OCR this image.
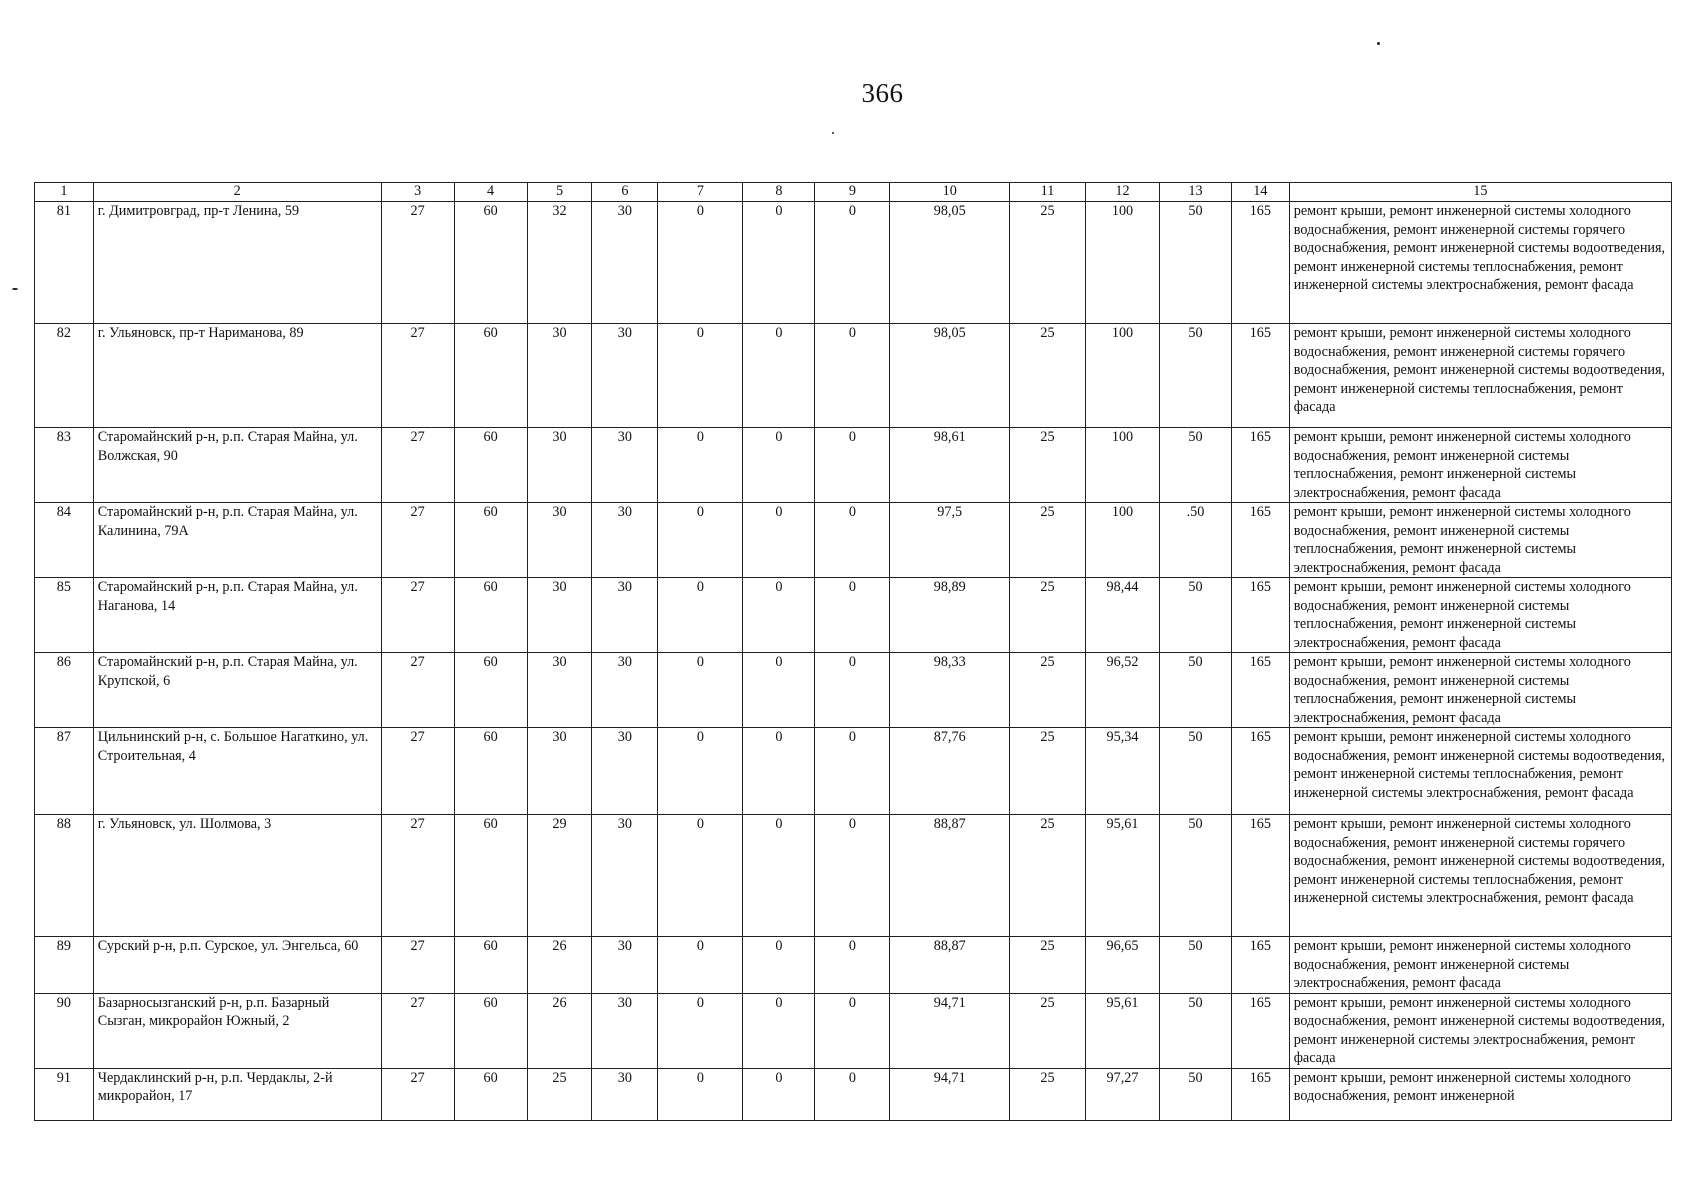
366
1	2	3	4	5	6	7	8	9	10	11	12	13	14	15
81	г. Димитровград, пр-т Ленина, 59	27	60	32	30	0	0	0	98,05	25	100	50	165	ремонт крыши, ремонт инженерной системы холодного водоснабжения, ремонт инженерной системы горячего водоснабжения, ремонт инженерной системы водоотведения, ремонт инженерной системы теплоснабжения, ремонт инженерной системы электроснабжения, ремонт фасада
82	г. Ульяновск, пр-т Нариманова, 89	27	60	30	30	0	0	0	98,05	25	100	50	165	ремонт крыши, ремонт инженерной системы холодного водоснабжения, ремонт инженерной системы горячего водоснабжения, ремонт инженерной системы водоотведения, ремонт инженерной системы теплоснабжения, ремонт фасада
83	Старомайнский р-н, р.п. Старая Майна, ул. Волжская, 90	27	60	30	30	0	0	0	98,61	25	100	50	165	ремонт крыши, ремонт инженерной системы холодного водоснабжения, ремонт инженерной системы теплоснабжения, ремонт инженерной системы электроснабжения, ремонт фасада
84	Старомайнский р-н, р.п. Старая Майна, ул. Калинина, 79А	27	60	30	30	0	0	0	97,5	25	100	.50	165	ремонт крыши, ремонт инженерной системы холодного водоснабжения, ремонт инженерной системы теплоснабжения, ремонт инженерной системы электроснабжения, ремонт фасада
85	Старомайнский р-н, р.п. Старая Майна, ул. Наганова, 14	27	60	30	30	0	0	0	98,89	25	98,44	50	165	ремонт крыши, ремонт инженерной системы холодного водоснабжения, ремонт инженерной системы теплоснабжения, ремонт инженерной системы электроснабжения, ремонт фасада
86	Старомайнский р-н, р.п. Старая Майна, ул. Крупской, 6	27	60	30	30	0	0	0	98,33	25	96,52	50	165	ремонт крыши, ремонт инженерной системы холодного водоснабжения, ремонт инженерной системы теплоснабжения, ремонт инженерной системы электроснабжения, ремонт фасада
87	Цильнинский р-н, с. Большое Нагаткино, ул. Строительная, 4	27	60	30	30	0	0	0	87,76	25	95,34	50	165	ремонт крыши, ремонт инженерной системы холодного водоснабжения, ремонт инженерной системы водоотведения, ремонт инженерной системы теплоснабжения, ремонт инженерной системы электроснабжения, ремонт фасада
88	г. Ульяновск, ул. Шолмова, 3	27	60	29	30	0	0	0	88,87	25	95,61	50	165	ремонт крыши, ремонт инженерной системы холодного водоснабжения, ремонт инженерной системы горячего водоснабжения, ремонт инженерной системы водоотведения, ремонт инженерной системы теплоснабжения, ремонт инженерной системы электроснабжения, ремонт фасада
89	Сурский р-н, р.п. Сурское, ул. Энгельса, 60	27	60	26	30	0	0	0	88,87	25	96,65	50	165	ремонт крыши, ремонт инженерной системы холодного водоснабжения, ремонт инженерной системы электроснабжения, ремонт фасада
90	Базарносызганский р-н, р.п. Базарный Сызган, микрорайон Южный, 2	27	60	26	30	0	0	0	94,71	25	95,61	50	165	ремонт крыши, ремонт инженерной системы холодного водоснабжения, ремонт инженерной системы водоотведения, ремонт инженерной системы электроснабжения, ремонт фасада
91	Чердаклинский р-н, р.п. Чердаклы, 2-й микрорайон, 17	27	60	25	30	0	0	0	94,71	25	97,27	50	165	ремонт крыши, ремонт инженерной системы холодного водоснабжения, ремонт инженерной
